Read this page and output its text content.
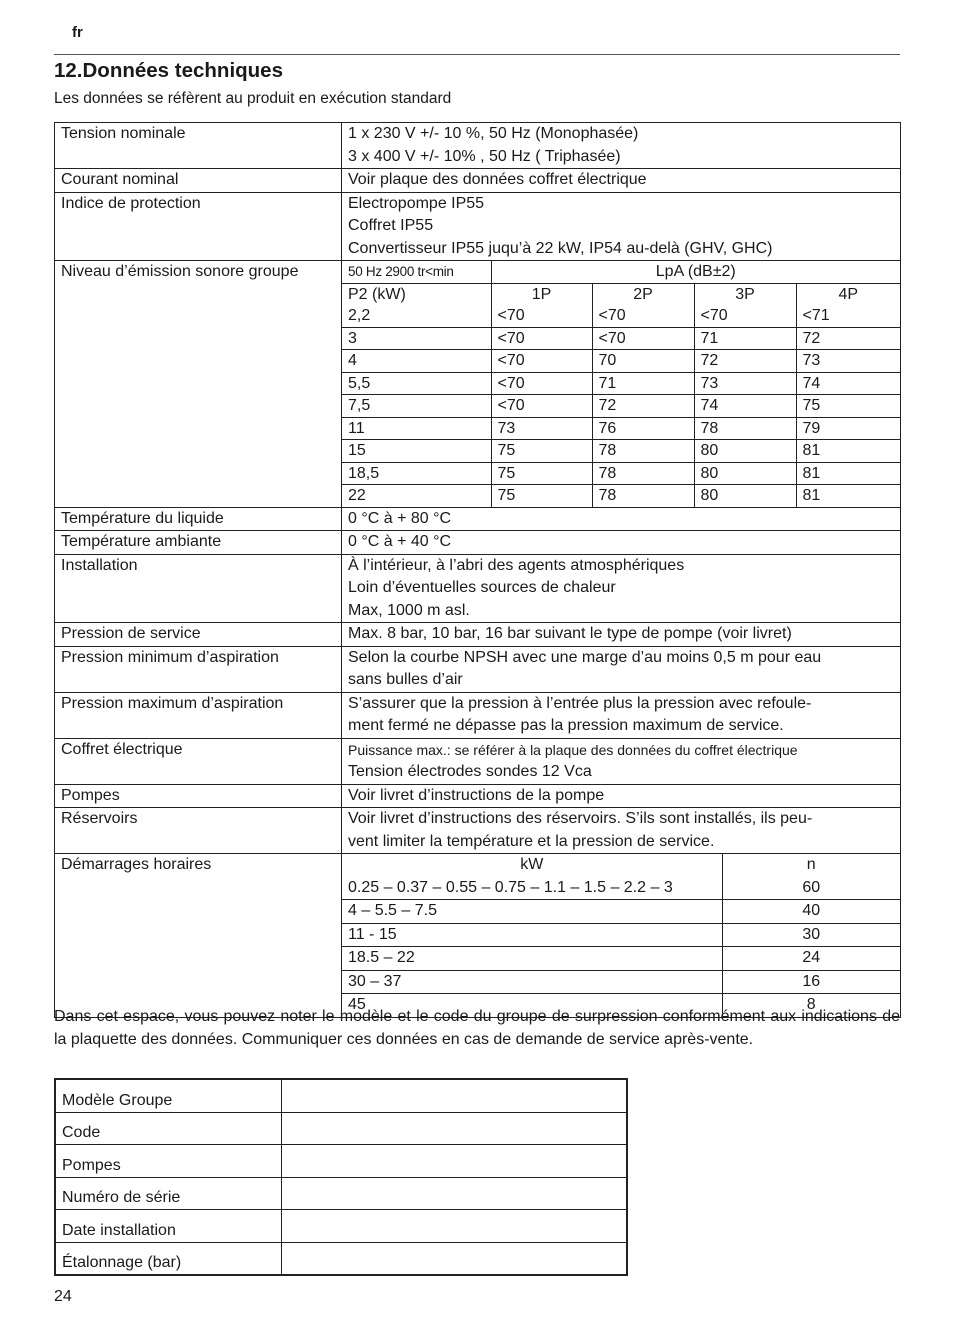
fr
12.Données techniques
Les données se réfèrent au produit en exécution standard
Tension nominale	1 x 230 V +/- 10 %, 50 Hz (Monophasée)
3 x 400 V +/- 10% , 50 Hz ( Triphasée)

Courant nominal	Voir plaque des données coffret électrique
Indice de protection	Electropompe IP55
Coffret IP55
Convertisseur IP55 juqu’à 22 kW, IP54 au-delà (GHV, GHC)

Niveau d’émission sonore groupe		50 Hz 2900 tr<min	LpA (dB±2)
P2 (kW)	1P	2P	3P	4P
2,2	<70	<70	<70	<71
3	<70	<70	71	72
4	<70	70	72	73
5,5	<70	71	73	74
7,5	<70	72	74	75
11	73	76	78	79
15	75	78	80	81
18,5	75	78	80	81
22	75	78	80	81

Température du liquide	0 °C à + 80 °C
Température ambiante	0 °C à + 40 °C
Installation	À l’intérieur, à l’abri des agents atmosphériques
Loin d’éventuelles sources de chaleur
Max, 1000 m asl.

Pression de service	Max. 8 bar, 10 bar, 16 bar suivant le type de pompe (voir livret)
Pression minimum d’aspiration	Selon la courbe NPSH avec une marge d’au moins 0,5 m pour eau
sans bulles d’air

Pression maximum d’aspiration	S’assurer que la pression à l’entrée plus la pression avec refoule-
ment fermé ne dépasse pas la pression maximum de service.

Coffret électrique	Puissance max.: se référer à la plaque des données du coffret électrique
Tension électrodes sondes 12 Vca

Pompes	Voir livret d’instructions de la pompe
Réservoirs	Voir livret d’instructions des réservoirs. S’ils sont installés, ils peu-
vent limiter la température et la pression de service.

Démarrages horaires		kW	n
0.25 – 0.37 – 0.55 – 0.75 – 1.1 – 1.5 – 2.2 – 3	60
4 – 5.5 – 7.5	40
11 - 15	30
18.5 – 22	24
30 – 37	16
45	8

Dans cet espace, vous pouvez noter le modèle et le code du groupe de surpression conformément aux indications de la plaquette des données. Communiquer ces données en cas de demande de service après-vente.

Modèle Groupe	
Code	
Pompes	
Numéro de série	
Date installation	
Étalonnage (bar)	
24
